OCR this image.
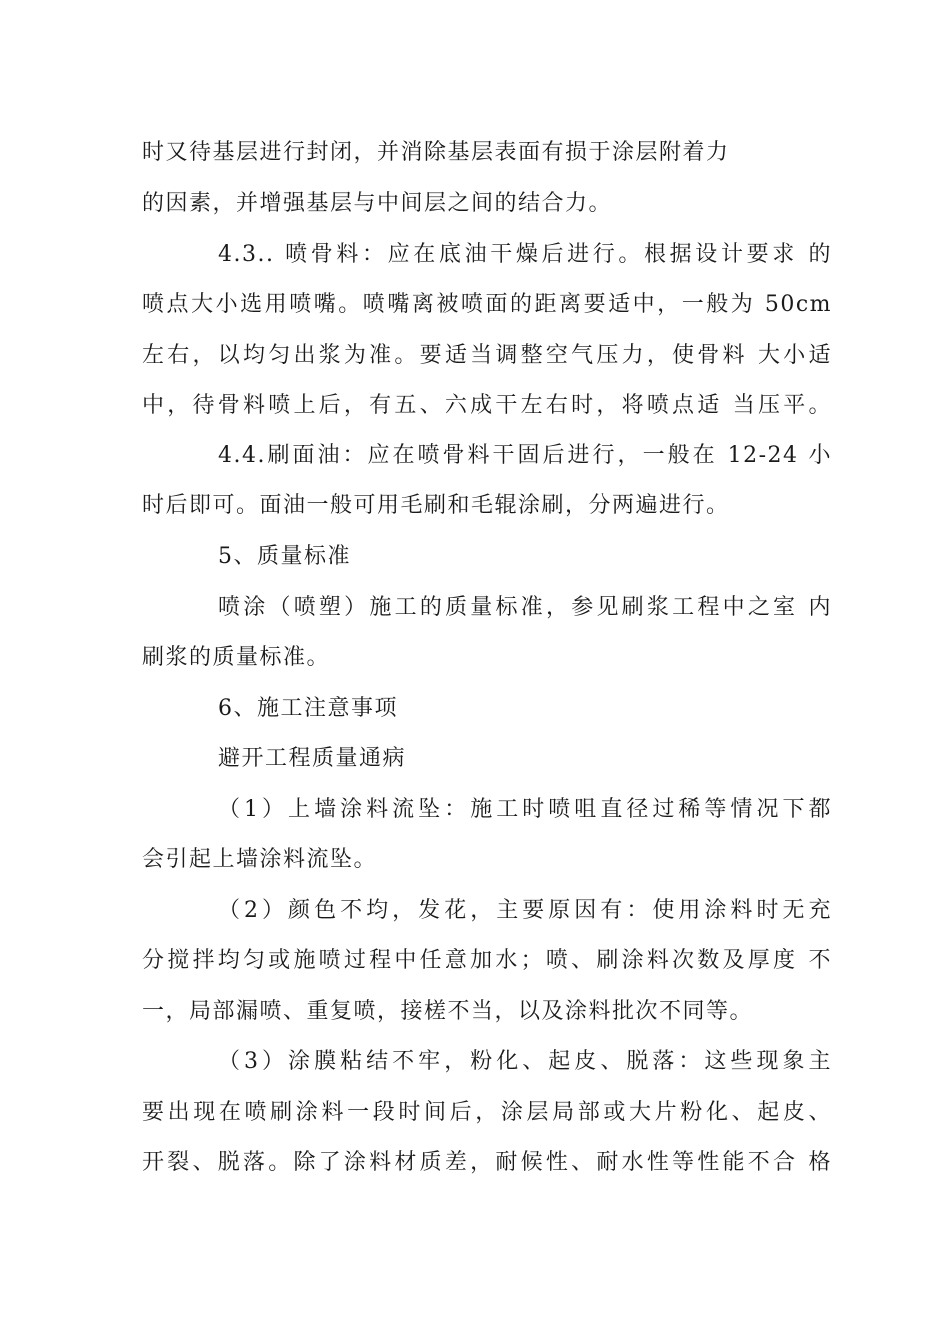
时又待基层进行封闭，并消除基层表面有损于涂层附着力
的因素，并增强基层与中间层之间的结合力。
4.3.. 喷骨料：应在底油干燥后进行。根据设计要求 的
喷点大小选用喷嘴。喷嘴离被喷面的距离要适中，一般为 50cm
左右，以均匀出浆为准。要适当调整空气压力，使骨料 大小适
中，待骨料喷上后，有五、六成干左右时，将喷点适 当压平。
4.4.刷面油：应在喷骨料干固后进行，一般在 12-24 小
时后即可。面油一般可用毛刷和毛辊涂刷，分两遍进行。
5、质量标准
喷涂（喷塑）施工的质量标准，参见刷浆工程中之室 内
刷浆的质量标准。
6、施工注意事项
避开工程质量通病
（1）上墙涂料流坠：施工时喷咀直径过稀等情况下都
会引起上墙涂料流坠。
（2）颜色不均，发花，主要原因有：使用涂料时无充
分搅拌均匀或施喷过程中任意加水；喷、刷涂料次数及厚度 不
一，局部漏喷、重复喷，接槎不当，以及涂料批次不同等。
（3）涂膜粘结不牢，粉化、起皮、脱落：这些现象主
要出现在喷刷涂料一段时间后，涂层局部或大片粉化、起皮、
开裂、脱落。除了涂料材质差，耐候性、耐水性等性能不合 格
